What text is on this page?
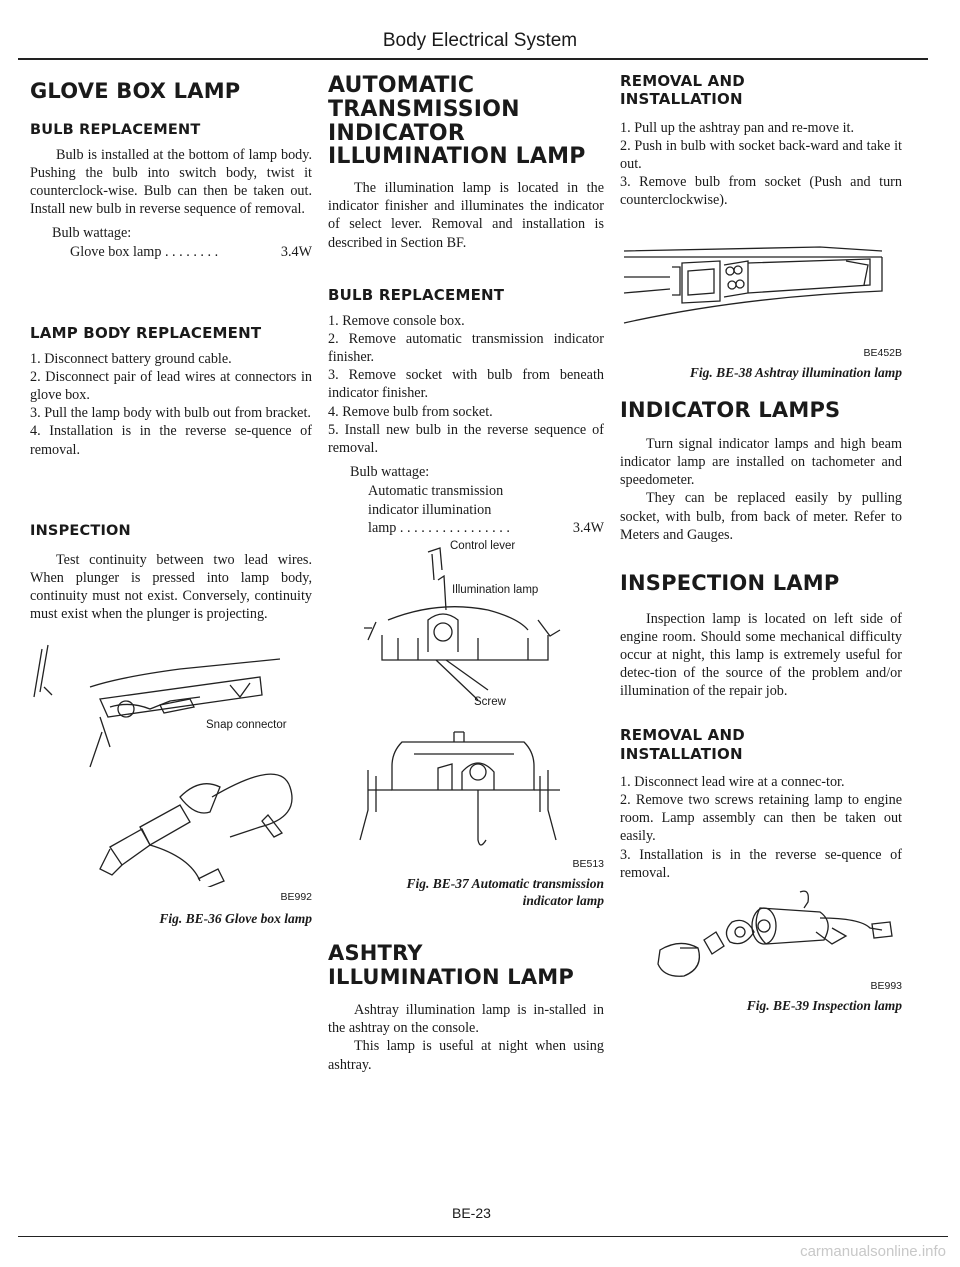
Body Electrical System
GLOVE BOX LAMP
BULB REPLACEMENT

Bulb is installed at the bottom of lamp body. Pushing the bulb into switch body, twist it counterclock-wise. Bulb can then be taken out. Install new bulb in reverse sequence of removal.

Bulb wattage:
Glove box lamp . . . . . . . .	3.4W
LAMP BODY REPLACEMENT
1. Disconnect battery ground cable.
2. Disconnect pair of lead wires at connectors in glove box.
3. Pull the lamp body with bulb out from bracket.
4. Installation is in the reverse se-quence of removal.
INSPECTION

Test continuity between two lead wires. When plunger is pressed into lamp body, continuity must not exist. Conversely, continuity must exist when the plunger is projecting.

Snap connector
BE992
Fig. BE-36 Glove box lamp
AUTOMATIC
TRANSMISSION
INDICATOR
ILLUMINATION LAMP

The illumination lamp is located in the indicator finisher and illuminates the indicator of select lever. Removal and installation is described in Section BF.

BULB REPLACEMENT
1. Remove console box.
2. Remove automatic transmission indicator finisher.
3. Remove socket with bulb from beneath indicator finisher.
4. Remove bulb from socket.
5. Install new bulb in the reverse sequence of removal.
Bulb wattage:
Automatic transmission
indicator illumination
lamp . . . . . . . . . . . . . . . .	3.4W
Control lever
Illumination lamp
Screw
BE513
Fig. BE-37 Automatic transmission
indicator lamp
ASHTRY
ILLUMINATION LAMP

Ashtray illumination lamp is in-stalled in the ashtray on the console.

This lamp is useful at night when using ashtray.

REMOVAL AND
INSTALLATION
1. Pull up the ashtray pan and re-move it.
2. Push in bulb with socket back-ward and take it out.
3. Remove bulb from socket (Push and turn counterclockwise).
BE452B
Fig. BE-38 Ashtray illumination lamp
INDICATOR LAMPS

Turn signal indicator lamps and high beam indicator lamp are installed on tachometer and speedometer.

They can be replaced easily by pulling socket, with bulb, from back of meter. Refer to Meters and Gauges.

INSPECTION LAMP

Inspection lamp is located on left side of engine room. Should some mechanical difficulty occur at night, this lamp is extremely useful for detec-tion of the source of the problem and/or illumination of the repair job.

REMOVAL AND
INSTALLATION
1. Disconnect lead wire at a connec-tor.
2. Remove two screws retaining lamp to engine room. Lamp assembly can then be taken out easily.
3. Installation is in the reverse se-quence of removal.
BE993
Fig. BE-39 Inspection lamp
BE-23
carmanualsonline.info
